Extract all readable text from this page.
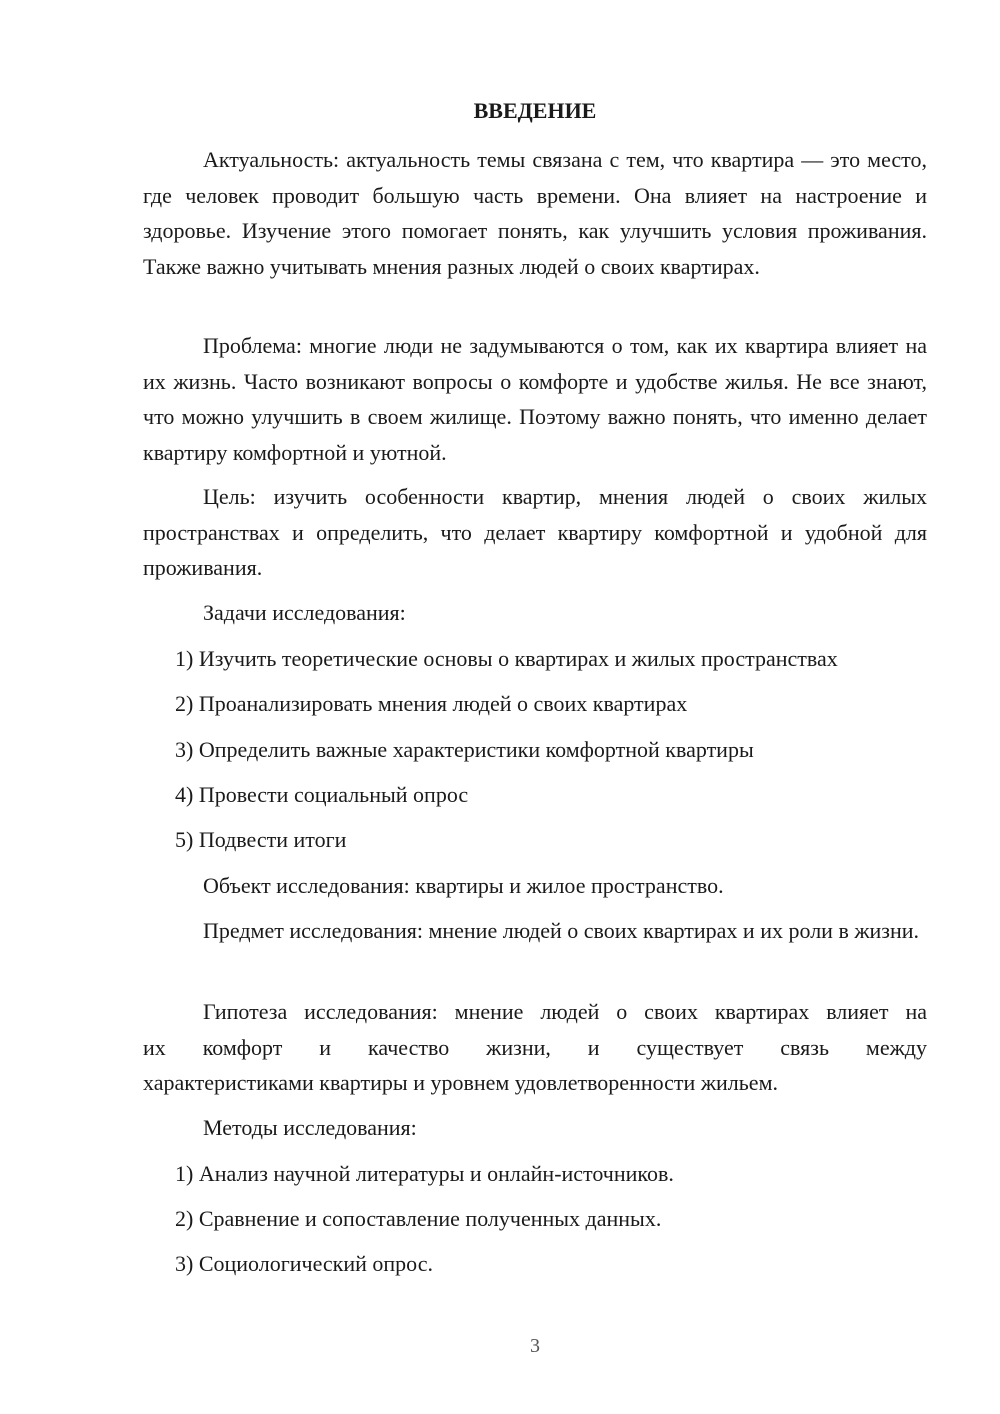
ВВЕДЕНИЕ
Актуальность: актуальность темы связана с тем, что квартира — это место, где человек проводит большую часть времени. Она влияет на настроение и здоровье. Изучение этого помогает понять, как улучшить условия проживания. Также важно учитывать мнения разных людей о своих квартирах.
Проблема: многие люди не задумываются о том, как их квартира влияет на их жизнь. Часто возникают вопросы о комфорте и удобстве жилья. Не все знают, что можно улучшить в своем жилище. Поэтому важно понять, что именно делает квартиру комфортной и уютной.
Цель: изучить особенности квартир, мнения людей о своих жилых пространствах и определить, что делает квартиру комфортной и удобной для проживания.
Задачи исследования:
1) Изучить теоретические основы о квартирах и жилых пространствах
2) Проанализировать мнения людей о своих квартирах
3) Определить важные характеристики комфортной квартиры
4) Провести социальный опрос
5) Подвести итоги
Объект исследования: квартиры и жилое пространство.
Предмет исследования: мнение людей о своих квартирах и их роли в жизни.
Гипотеза исследования: мнение людей о своих квартирах влияет на
их комфорт и качество жизни, и существует связь между
характеристиками квартиры и уровнем удовлетворенности жильем.
Методы исследования:
1) Анализ научной литературы и онлайн-источников.
2) Сравнение и сопоставление полученных данных.
3) Социологический опрос.
3
